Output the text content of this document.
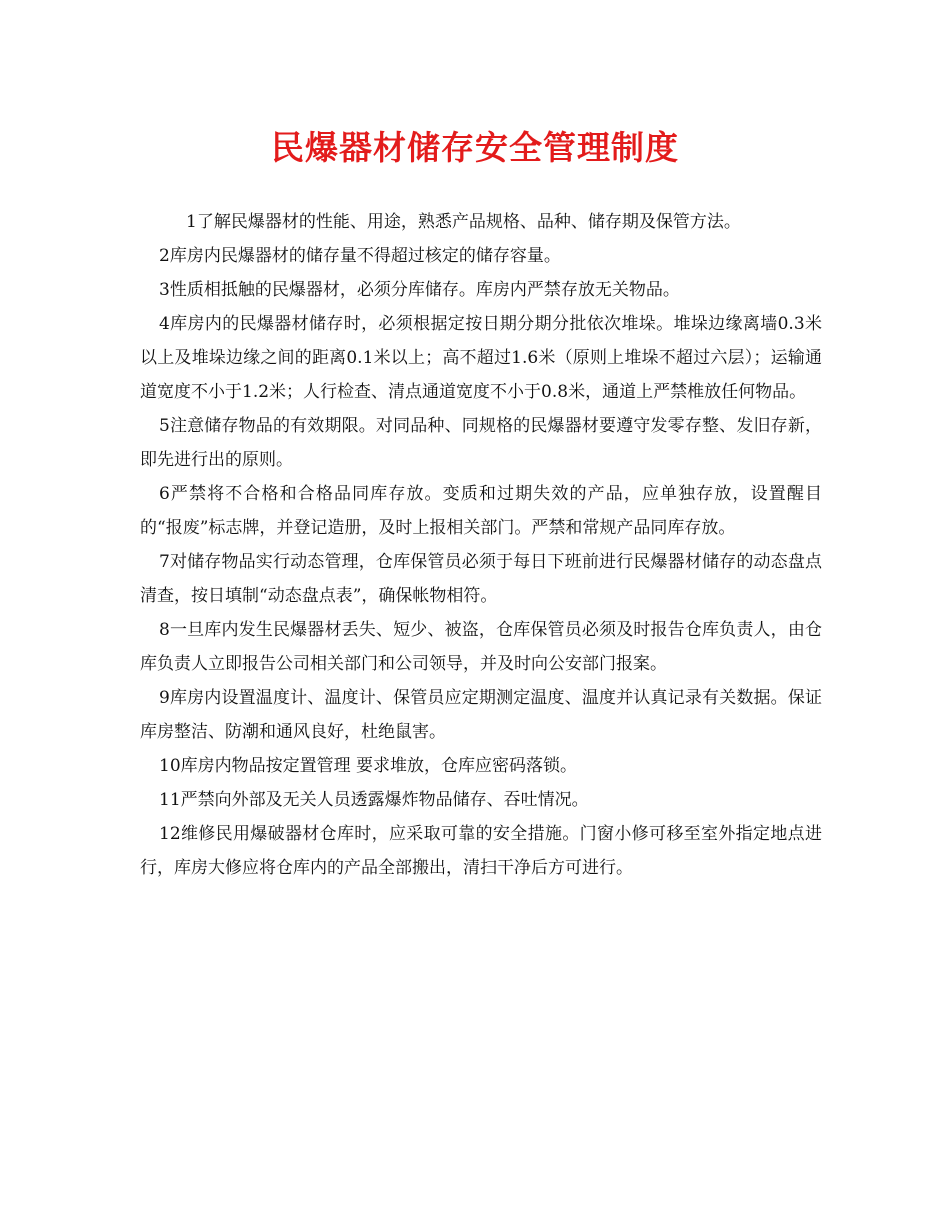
民爆器材储存安全管理制度

1了解民爆器材的性能、用途，熟悉产品规格、品种、储存期及保管方法。

2库房内民爆器材的储存量不得超过核定的储存容量。

3性质相抵触的民爆器材，必须分库储存。库房内严禁存放无关物品。

4库房内的民爆器材储存时，必须根据定按日期分期分批依次堆垛。堆垛边缘离墙0.3米以上及堆垛边缘之间的距离0.1米以上；高不超过1.6米（原则上堆垛不超过六层）；运输通道宽度不小于1.2米；人行检查、清点通道宽度不小于0.8米，通道上严禁椎放任何物品。

5注意储存物品的有效期限。对同品种、同规格的民爆器材要遵守发零存整、发旧存新，即先进行出的原则。

6严禁将不合格和合格品同库存放。变质和过期失效的产品，应单独存放，设置醒目的“报废”标志牌，并登记造册，及时上报相关部门。严禁和常规产品同库存放。

7对储存物品实行动态管理，仓库保管员必须于每日下班前进行民爆器材储存的动态盘点清查，按日填制“动态盘点表”，确保帐物相符。

8一旦库内发生民爆器材丢失、短少、被盗，仓库保管员必须及时报告仓库负责人，由仓库负责人立即报告公司相关部门和公司领导，并及时向公安部门报案。

9库房内设置温度计、温度计、保管员应定期测定温度、温度并认真记录有关数据。保证库房整洁、防潮和通风良好，杜绝鼠害。

10库房内物品按定置管理 要求堆放，仓库应密码落锁。

11严禁向外部及无关人员透露爆炸物品储存、吞吐情况。

12维修民用爆破器材仓库时，应采取可靠的安全措施。门窗小修可移至室外指定地点进行，库房大修应将仓库内的产品全部搬出，清扫干净后方可进行。
